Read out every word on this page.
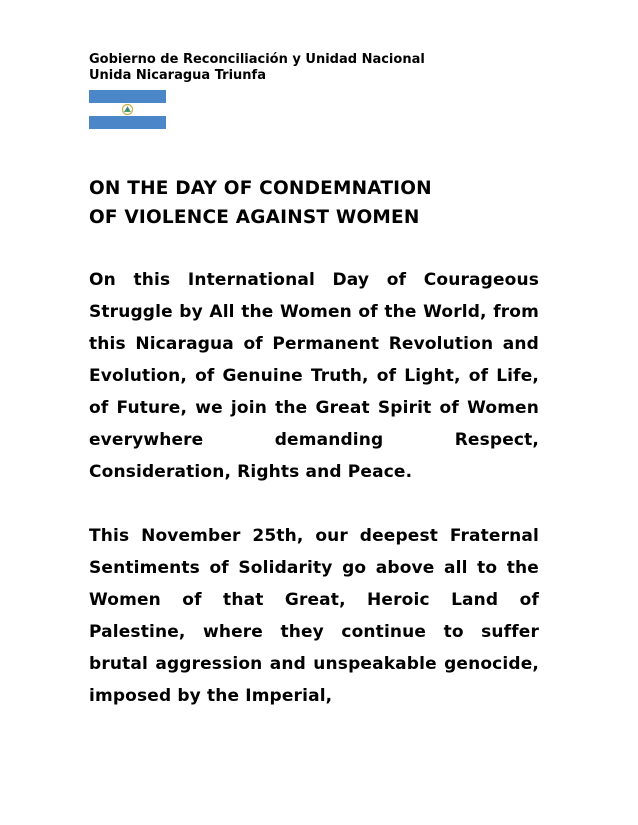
Gobierno de Reconciliación y Unidad Nacional
Unida Nicaragua Triunfa
ON THE DAY OF CONDEMNATION
OF VIOLENCE AGAINST WOMEN

On this International Day of Courageous Struggle by All the Women of the World, from this Nicaragua of Permanent Revolution and Evolution, of Genuine Truth, of Light, of Life, of Future, we join the Great Spirit of Women everywhere demanding Respect, Consideration, Rights and Peace.

This November 25th, our deepest Fraternal Sentiments of Solidarity go above all to the Women of that Great, Heroic Land of Palestine, where they continue to suffer brutal aggression and unspeakable genocide, imposed by the Imperial,
